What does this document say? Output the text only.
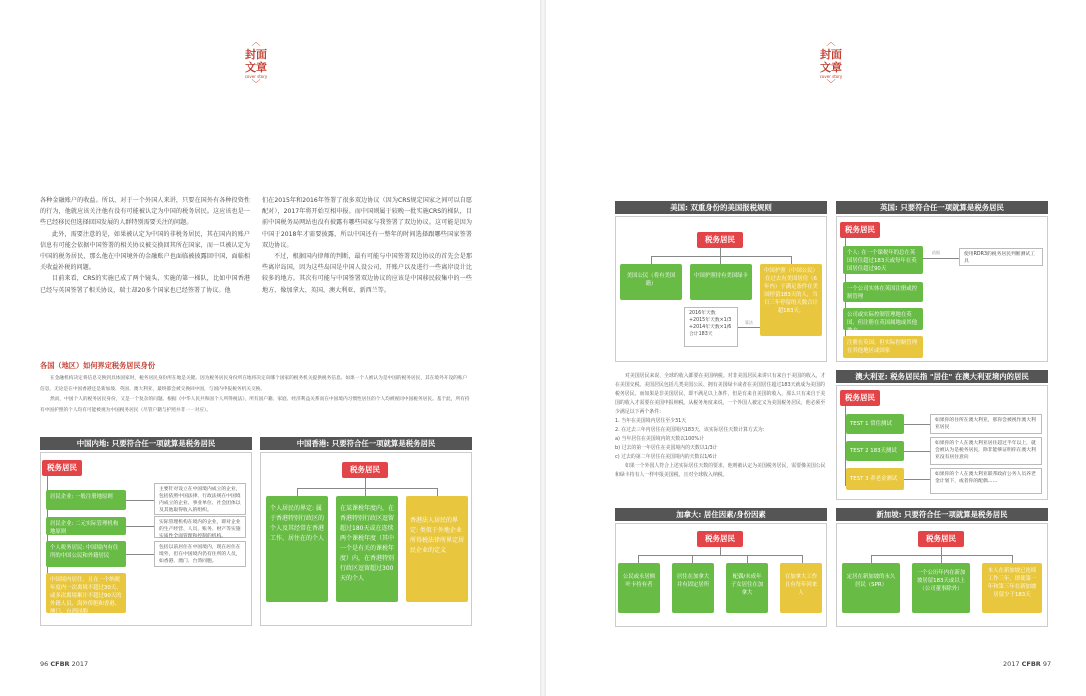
︿
封面
文章
cover story
﹀
︿
封面
文章
cover story
﹀

各种金融账户的收益。所以，对于一个外国人来讲，只要在国外有各种投资性的行为，他就应该关注他有没有可能被认定为中国的税务居民。这应该也是一些已经移民但选择回国发展的人群特别需要关注的问题。

此外，需要注意的是，如果被认定为中国的非税务居民，其在国内的账户信息有可能会依据中国签署的相关协议被交换回其所在国家，而一旦被认定为中国的税务居民，那么他在中国境外的金融账户也面临被披露回中国，面临相关收益补税的问题。

目前来看，CRS的实施已成了两个镜头，实施的第一梯队，比如中国香港已经与英国签署了相关协议，瑞士却20多个国家也已经签署了协议。他

们在2015年和2016年签署了很多双边协议（因为CRS规定国家之间可以自愿配对），2017年将开始互相申报。而中国则属于较晚一批实施CRS的梯队，目前中国税务局网站也没有披露有哪些国家与我签署了双边协议。这可能是因为中国于2018年才需要披露，所以中国还有一整年的时间选择跟哪些国家签署双边协议。

不过，根据国内律师的判断，最有可能与中国签署双边协议的首先会是那些离岸岛国，因为这些岛国是中国人设公司、开账户以及进行一些离岸设计比较多的地方。其次有可能与中国签署双边协议的应该是中国移民较集中的一些地方，像加拿大、英国、澳大利亚、新西兰等。

各国（地区）如何界定税务居民身份

在金融机构决定将信息交换到具体国家时，税务居民身份所在地是关键。因为税务居民身份所在地将决定向哪个国家的税务机关提供税务信息。如果一个人被认为是中国的税务居民，其在境外开设的账户信息，无论是在中国香港还是新加坡、英国、澳大利亚，最终都会被交换回中国，与国内申报税务机关交换。

然而，中国个人的税务居民身份，又是一个复杂的问题。根据《中华人民共和国个人所得税法》，所有国户籍、家庭、经济利益关系而在中国境内习惯性居住的个人均被视同中国税务居民。基于此，所有持有中国护照的个人均有可能被视为中国税务居民（尽管户籍与护照并非一一对应）。

中国内地: 只要符合任一项就算是税务居民
税务居民
居民企业: 一般注册地原则
主要针对设立在中国境内成立的企业，包括依照中国法律、行政法规在中国境内成立的企业、事业单位、社会团体以及其他取得收入的组织。
居民企业: 二元实际管理机构地原则
实际管理机构在境内的企业，即对企业的生产经营、人员、账务、财产等实施实质性全面管理和控制的机构。
个人税务居民: 中国境内有住所的中国公民和外籍居民
包括以前居住在中国境内，现在居住在境外，但在中国境内仍有住所的人员，如香港、澳门、台湾同胞。
中国境内居住，且在一个纳税年度内一次离境不超过30天、或多次离境累计不超过90天的外籍人员、海外侨胞和香港、澳门、台湾同胞
中国香港: 只要符合任一项就算是税务居民
税务居民
个人居民的界定: 属于香港特别行政区的个人及其经常在香港工作、居住在的个人
在某课税年度内，在香港特别行政区逗留超过180天或在连续两个课税年度（其中一个是有关的课税年度）内，在香港特别行政区逗留超过300天的个人
香港法人居民的界定: 类似于外地企业所得税法律所界定居民企业的定义
美国: 双重身份的美国报税规则
税务居民
美国公民（将有美国籍）
中国护照持有美国绿卡
中国护照（中国公民）在过去有美国居住（6年内）于满足条件在美国停留183天的人，当日三年停留的天数合计超183天。
2016年天数
+2015年天数×1/3
+2014年天数×1/6
合计183天
算法

对美国居民来说，全球的收入都要在美国纳税。对非美国居民来讲只有来自于美国的收入，才在美国交税。美国居民包括几类美国公民、拥有美国绿卡或者在美国居住超过183天就成为美国的税务居民，而如果是非美国居民，即不满足以上条件，但是有来自美国的收入，那么只有来自于美国的收入才需要在美国申报纳税。从税务角度来说，一个外国人被定义为美国税务居民，他必须至少满足以下两个条件：

1. 当年在美国境内居住至少31天

2. 在过去三年内居住在美国境内183天，该实际居住天数计算方式为:

a) 当年居住在美国境内的天数以100%计

b) 过去的第一年居住在美国境内的天数以1/3计

c) 过去的第二年居住在美国境内的天数以1/6计

如果一个外国人符合上述实际居住天数的要求，他则被认定为美国税务居民，需要像美国公民和绿卡持有人一样申报美国税，且对全球收入纳税。

英国: 只要符合任一项就算是税务居民
税务居民
个人: 在一个课税年的总在英国居住超过183天或每年在英国居住超过90天
一个公司实体在英国注册或控制管理
公司或实际控制管理地在英国，但注册在英国属地或其他地方
注册在英国，但实际控制管理在其他地区或国家
依据	使用RDR3的税务居民判断测试工具
澳大利亚: 税务居民指 "居住" 在澳大利亚境内的居民
税务居民
TEST 1 常住测试
TEST 2 183天测试
TEST 3 养老金测试
如果你的住所在澳大利亚，那你会被视作澳大利亚居民
如果你的个人在澳大利亚居住超过半年以上，就会被认为是税务居民，除非能够证明你在澳大利亚没有居住意向
如果你的个人在澳大利亚联邦政府公务人员养老金计划下，或者你的配偶……
加拿大: 居住因素/身份因素
税务居民
公民或永居枫叶卡持有者
居住在加拿大并有固定居所
配偶/未成年子女居住在加拿大
在加拿大工作且有每年回来人
新加坡: 只要符合任一项就算是税务居民
税务居民
定居在新加坡的永久居民（SPR）
一个公历年内在新加坡居留183天或以上（公司董事除外）
本人在新加坡已连续工作三年，即使第一年和第三年在新加坡居留少于183天
96 CFBR 2017	2017 CFBR 97
